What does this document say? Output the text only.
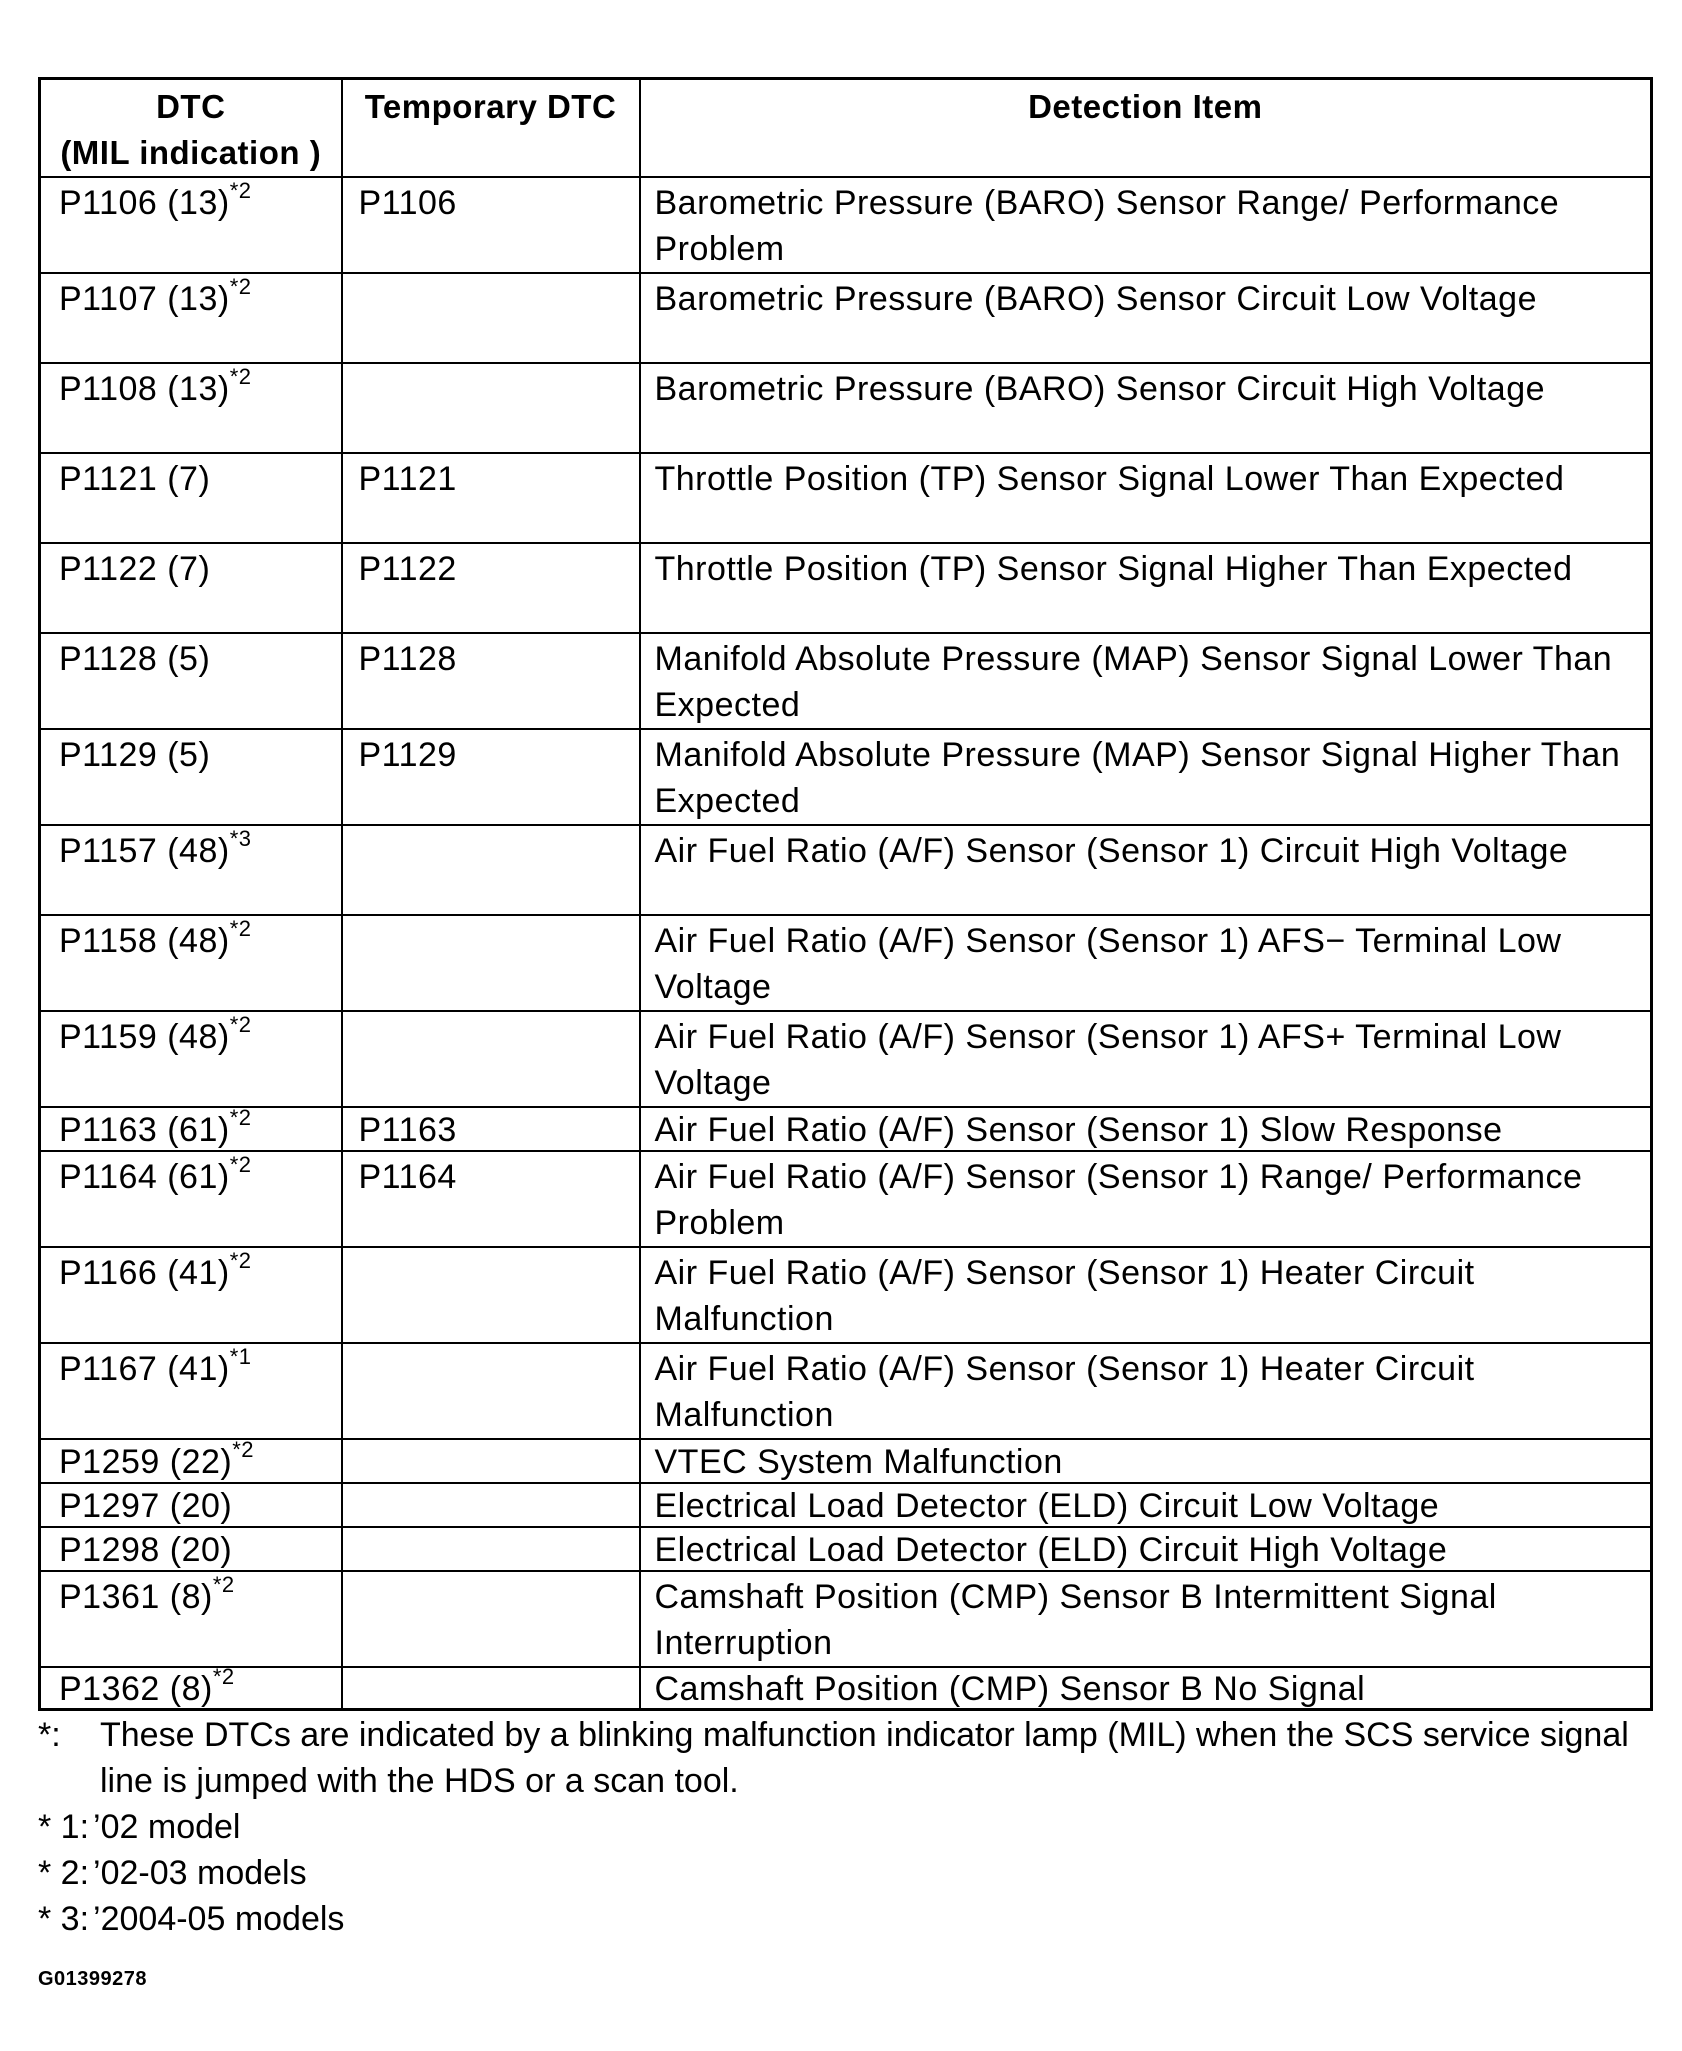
DTC
(MIL indication )	Temporary DTC	Detection Item
P1106 $(13)^{*2}$	P1106	Barometric Pressure (BARO) Sensor Range/ Performance Problem
P1107 $(13)^{*2}$		Barometric Pressure (BARO) Sensor Circuit Low Voltage
P1108 $(13)^{*2}$		Barometric Pressure (BARO) Sensor Circuit High Voltage
P1121 (7)	P1121	Throttle Position (TP) Sensor Signal Lower Than Expected
P1122 (7)	P1122	Throttle Position (TP) Sensor Signal Higher Than Expected
P1128 (5)	P1128	Manifold Absolute Pressure (MAP) Sensor Signal Lower Than Expected
P1129 (5)	P1129	Manifold Absolute Pressure (MAP) Sensor Signal Higher Than Expected
P1157 $(48)^{*3}$		Air Fuel Ratio (A/F) Sensor (Sensor 1) Circuit High Voltage
P1158 $(48)^{*2}$		Air Fuel Ratio (A/F) Sensor (Sensor 1) AFS− Terminal Low Voltage
P1159 $(48)^{*2}$		Air Fuel Ratio (A/F) Sensor (Sensor 1) AFS+ Terminal Low Voltage
P1163 $(61)^{*2}$	P1163	Air Fuel Ratio (A/F) Sensor (Sensor 1) Slow Response
P1164 $(61)^{*2}$	P1164	Air Fuel Ratio (A/F) Sensor (Sensor 1) Range/ Performance Problem
P1166 $(41)^{*2}$		Air Fuel Ratio (A/F) Sensor (Sensor 1) Heater Circuit Malfunction
P1167 $(41)^{*1}$		Air Fuel Ratio (A/F) Sensor (Sensor 1) Heater Circuit Malfunction
P1259 $(22)^{*2}$		VTEC System Malfunction
P1297 (20)		Electrical Load Detector (ELD) Circuit Low Voltage
P1298 (20)		Electrical Load Detector (ELD) Circuit High Voltage
P1361 $(8)^{*2}$		Camshaft Position (CMP) Sensor B Intermittent Signal Interruption
P1362 $(8)^{*2}$		Camshaft Position (CMP) Sensor B No Signal
*:	These DTCs are indicated by a blinking malfunction indicator lamp (MIL) when the SCS service signal line is jumped with the HDS or a scan tool.
* 1: ’02 model
* 2: ’02-03 models
* 3: ’2004-05 models
G01399278
